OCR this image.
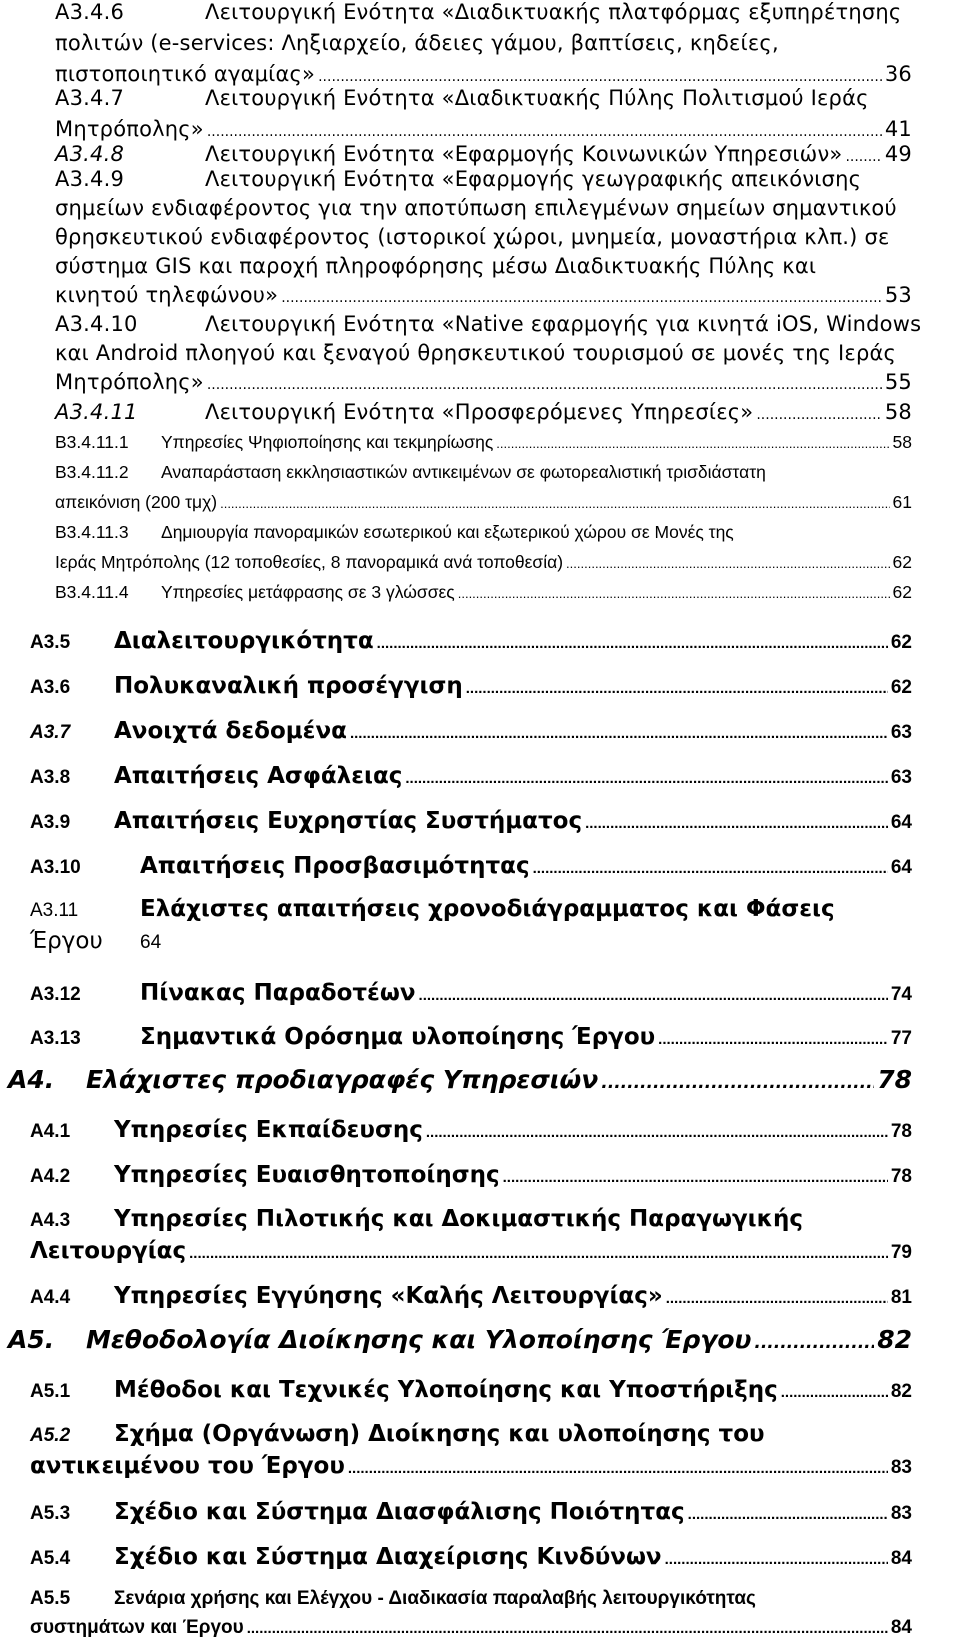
A3.4.6	Λειτουργική Ενότητα «Διαδικτυακής πλατφόρμας εξυπηρέτησης
πολιτών (e-services: Ληξιαρχείο, άδειες γάμου, βαπτίσεις, κηδείες,
πιστοποιητικό αγαμίας» .....	36
A3.4.7	Λειτουργική Ενότητα «Διαδικτυακής Πύλης Πολιτισμού Ιεράς
Μητρόπολης» .....	41
A3.4.8	Λειτουργική Ενότητα «Εφαρμογής Κοινωνικών Υπηρεσιών» ..... 49
A3.4.9	Λειτουργική Ενότητα «Εφαρμογής γεωγραφικής απεικόνισης
σημείων ενδιαφέροντος για την αποτύπωση επιλεγμένων σημείων σημαντικού
θρησκευτικού ενδιαφέροντος (ιστορικοί χώροι, μνημεία, μοναστήρια κλπ.) σε
σύστημα GIS και παροχή πληροφόρησης μέσω Διαδικτυακής Πύλης και
κινητού τηλεφώνου» .....	53
A3.4.10	Λειτουργική Ενότητα «Native εφαρμογής για κινητά iOS, Windows
και Android πλοηγού και ξεναγού θρησκευτικού τουρισμού σε μονές της Ιεράς
Μητρόπολης» .....	55
A3.4.11	Λειτουργική Ενότητα «Προσφερόμενες Υπηρεσίες» .....	58
B3.4.11.1	Υπηρεσίες Ψηφιοποίησης και τεκμηρίωσης .....	58
B3.4.11.2 Αναπαράσταση εκκλησιαστικών αντικειμένων σε φωτορεαλιστική τρισδιάστατη
απεικόνιση (200 τμχ) .....	61
B3.4.11.3 Δημιουργία πανοραμικών εσωτερικού και εξωτερικού χώρου σε Μονές της
Ιεράς Μητρόπολης (12 τοποθεσίες, 8 πανοραμικά ανά τοποθεσία) .....	62
B3.4.11.4	Υπηρεσίες μετάφρασης σε 3 γλώσσες .....	62
A3.5	Διαλειτουργικότητα .....	62
A3.6	Πολυκαναλική προσέγγιση .....	62
A3.7	Ανοιχτά δεδομένα .....	63
A3.8	Απαιτήσεις Ασφάλειας .....	63
A3.9	Απαιτήσεις Ευχρηστίας Συστήματος .....	64
A3.10	Απαιτήσεις Προσβασιμότητας .....	64
A3.11	Ελάχιστες απαιτήσεις χρονοδιάγραμματος και Φάσεις
Έργου 64
A3.12	Πίνακας Παραδοτέων .....	74
A3.13	Σημαντικά Ορόσημα υλοποίησης Έργου .....	77
A4.	Ελάχιστες προδιαγραφές Υπηρεσιών .....	78
A4.1	Υπηρεσίες Εκπαίδευσης .....	78
A4.2	Υπηρεσίες Ευαισθητοποίησης .....	78
A4.3 Υπηρεσίες Πιλοτικής και Δοκιμαστικής Παραγωγικής
Λειτουργίας .....	79
A4.4	Υπηρεσίες Εγγύησης «Καλής Λειτουργίας» .....	81
A5.	Μεθοδολογία Διοίκησης και Υλοποίησης Έργου .....	82
A5.1	Μέθοδοι και Τεχνικές Υλοποίησης και Υποστήριξης .....	82
A5.2 Σχήμα (Οργάνωση) Διοίκησης και υλοποίησης του
αντικειμένου του Έργου .....	83
A5.3	Σχέδιο και Σύστημα Διασφάλισης Ποιότητας .....	83
A5.4	Σχέδιο και Σύστημα Διαχείρισης Κινδύνων .....	84
A5.5 Σενάρια χρήσης και Ελέγχου - Διαδικασία παραλαβής λειτουργικότητας
συστημάτων και Έργου .....	84
